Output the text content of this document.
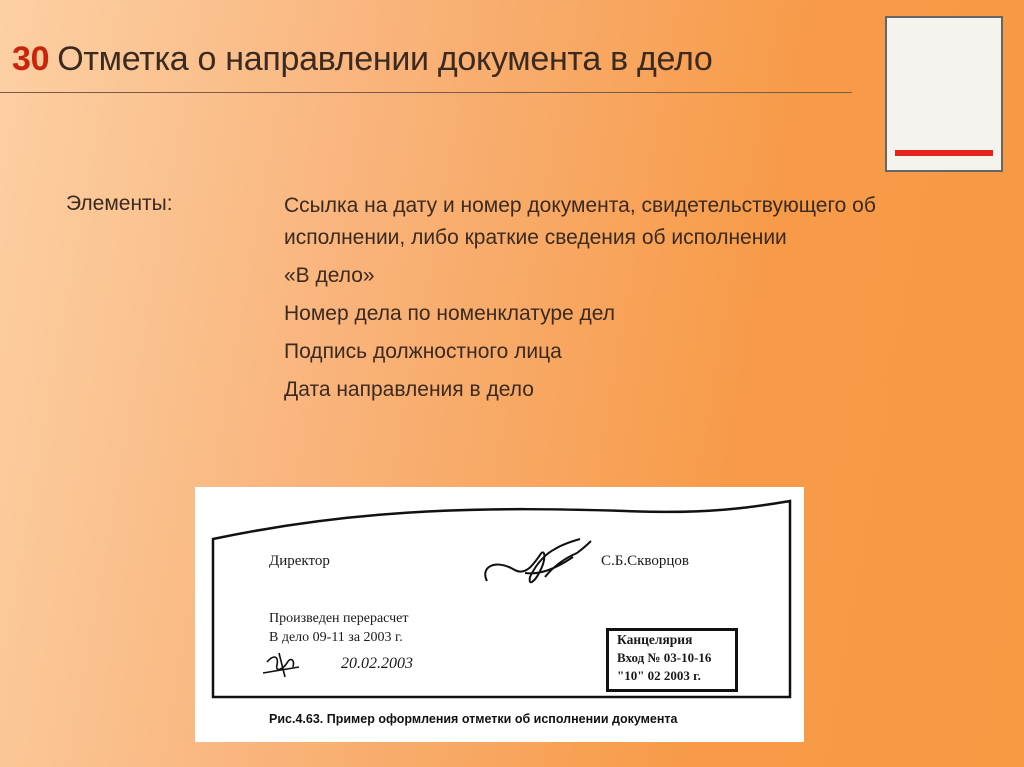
30 Отметка о направлении документа в дело
Элементы:	Ссылка на дату и номер документа, свидетельствующего об исполнении, либо краткие сведения об исполнении
«В дело»
Номер дела по номенклатуре дел
Подпись должностного лица
Дата направления в дело
Директор	С.Б.Скворцов
Произведен перерасчет
В дело 09-11 за 2003 г.
20.02.2003
Канцелярия
Вход № 03-10-16
"10" 02 2003 г.
Рис.4.63. Пример оформления отметки об исполнении документа
